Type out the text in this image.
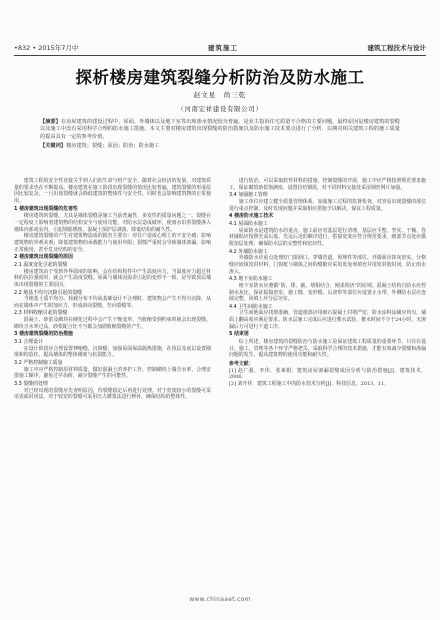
•832 • 2015年7月中	建筑施工	建筑工程技术与设计
探析楼房建筑裂缝分析防治及防水施工
赵文星　尚三乾
（河南宏祥建设有限公司）
【摘要】在房屋建筑的建设过程中，屋面、外墙体以及地下室等出现渗水情况较为普遍，是业主投诉住宅质量不合格的主要问题，最终原因是楼房建筑的裂缝以及施工中没有采用科学合理的防水施工措施。本文主要对楼房建筑出现裂缝的防治措施以及防水施工技术要点进行了分析，以期对相关建筑工程的施工质量的提高具有一定的参考价值。
【关键词】楼房建筑；裂缝；原因；防治；防水施工

建筑工程的安全性直接关乎到人们的生命与财产安全。随着社会经济的发展，对建筑质量的要求也在不断提高。楼房建筑在施工阶段出现裂缝的情况比较普遍，建筑裂缝的形成原因比较复杂，一旦出现裂缝就会降低建筑的整体性与安全性，同时也会影响建筑物的正常使用。

1 楼房建筑出现裂缝的危害性

楼房建筑的裂缝，尤其是墙体裂缝是施工当前普遍性，多发性的质量问题之一。裂缝在一定程度上影响着建筑物的结构安全与使用功能，对防水层造成破坏，使雨水沿着裂缝渗入墙体内部或室内，引起钢筋锈蚀，混凝土保护层剥落，降低结构的耐久性。

楼房建筑裂缝的产生对建筑物造成的损害主要有：对住户造成心理上的不安全感；影响建筑物的外观美观；降低建筑物的承载能力与使用年限；裂缝严重时会导致墙体渗漏，影响正常使用，甚至危及结构的安全。

2 楼房建筑出现裂缝的原因

2.1 温度变化引起的裂缝

楼房建筑由于受到外界温度的影响，会在结构构件中产生温度应力，当温度应力超过材料的抗拉强度时，就会产生温度裂缝。屋面与墙体因温差引起的变形不一致，是导致顶层墙体出现裂缝的主要原因。

2.2 地基不均匀沉降引起的裂缝

当地基土质不均匀、荷载分布不均或基础设计不合理时，建筑物会产生不均匀沉降，从而在墙体中产生附加应力，形成斜向裂缝、竖向裂缝等。

2.3 材料收缩引起的裂缝

混凝土、砂浆及砌块在硬化过程中会产生干缩变形，当收缩受到约束时就会出现裂缝。砌块含水率过高、砂浆配合比不当都会加剧收缩裂缝的产生。

3 楼房建筑裂缝的防治措施

3.1 合理设计

在设计阶段应合理设置伸缩缝、沉降缝，加强屋面保温隔热措施，在顶层及底层设置圈梁和构造柱，提高墙体的整体刚度与抗裂能力。

3.2 严格控制施工质量

施工中应严格控制原材料质量，做好混凝土的养护工作，控制砌块上墙含水率，合理安排施工顺序，避免过早加荷，减少裂缝产生的可能性。

3.3 裂缝的处理

对已经出现的裂缝应先查明原因，待裂缝稳定后再进行处理。对于宽度较小的裂缝可采用表面封闭法，对于较宽的裂缝可采用压力灌浆法进行修补，确保结构的整体性。

进行防治，可以采取软性材料的措施，控制裂缝的开展，施工中应严格按照规范要求施工，保证砌筑砂浆饱满度，设置拉结钢筋，对不同材料交接处采用钢丝网片加强。

3.4 加强施工管理

施工单位应建立健全质量管理体系，加强施工过程的监督检查，对容易出现裂缝的部位进行重点控制，及时发现问题并采取相应措施予以解决，保证工程质量。

4 楼房防水施工技术

4.1 屋面防水施工

屋面防水是建筑防水的重点。施工前应对基层进行清理，基层应平整、坚实、干燥。卷材铺贴应按照先高后低、先远后近的顺序进行，搭接宽度应符合规范要求，细部节点处应做附加层处理，确保防水层的完整性和密封性。

4.2 外墙防水施工

外墙防水应重点处理好门窗洞口、穿墙管道、预埋件等部位。外墙面应抹灰密实，分格缝应嵌填密封材料，门窗框与墙体之间的缝隙应采用发泡剂填充并用密封胶封闭，防止雨水渗入。

4.3 地下室防水施工

地下室防水应遵循“防、排、截、堵相结合，刚柔相济”的原则。混凝土结构自防水应控制水灰比，保证振捣密实，施工缝、变形缝、后浇带等部位应设置止水带，外侧防水层应连续完整，回填土应分层夯实。

4.4 卫生间防水施工

卫生间地面应找坡准确，管道根部应用细石混凝土封堵严密，防水涂料涂刷应均匀，墙面上翻高度应满足要求。防水层施工完成后应进行蓄水试验，蓄水时间不少于24小时，无渗漏后方可进行下道工序。

5 结束语

综上所述，楼房建筑的裂缝防治与防水施工是保证建筑工程质量的重要环节。只有在设计、施工、管理等各个环节严格把关，采取科学合理的技术措施，才能有效减少裂缝和渗漏问题的发生，提高建筑物的使用功能和耐久性。

参考文献：

[1] 赵广强，李伟，张素娟．建筑房屋渗漏裂缝成因分析与防治措施[J]．建筑技术，2006．

[2] 刘开祥．建筑工程施工中的防水技术分析[J]．科技信息，2013，11．

www.chinaaet.com
